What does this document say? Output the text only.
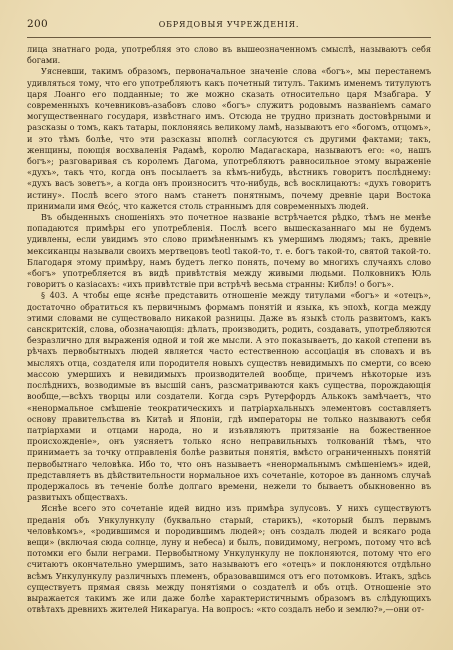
200	ОБРЯДОВЫЯ УЧРЕЖДЕНІЯ.

лица знатнаго рода, употребляя это слово въ вышеозначенномъ смыслѣ, называютъ себя богами.

Уясневши, такимъ образомъ, первоначальное значеніе слова «богъ», мы перестанемъ удивляться тому, что его употребляютъ какъ почетный титулъ. Такимъ именемъ титулуютъ царя Лоанго его подданные; то же можно сказать относительно царя Мзабгара. У современныхъ кочевниковъ-азабовъ слово «богъ» служитъ родовымъ названіемъ самаго могущественнаго государя, извѣстнаго имъ. Отсюда не трудно признать достовѣрными и разсказы о томъ, какъ татары, поклоняясь великому ламѣ, называютъ его «богомъ, отцомъ», и это тѣмъ болѣе, что эти разсказы вполнѣ согласуются съ другими фактами; такъ, женщины, поющія восхваленія Радамѣ, королю Мадагаскара, называютъ его: «о, нашъ богъ»; разговаривая съ королемъ Дагома, употребляютъ равносильное этому выраженіе «духъ», такъ что, когда онъ посылаетъ за кѣмъ-нибудь, вѣстникъ говоритъ послѣднему: «духъ васъ зоветъ», а когда онъ произноситъ что-нибудь, всѣ восклицаютъ: «духъ говоритъ истину». Послѣ всего этого намъ станетъ понятнымъ, почему древніе цари Востока принимали имя Θεός, что кажется столь страннымъ для современныхъ людей.

Въ обыденныхъ сношеніяхъ это почетное названіе встрѣчается рѣдко, тѣмъ не менѣе попадаются примѣры его употребленія. Послѣ всего вышесказаннаго мы не будемъ удивлены, если увидимъ это слово примѣненнымъ къ умершимъ людямъ; такъ, древніе мексиканцы называли своихъ мертвецовъ teotl такой-то, т. е. богъ такой-то, святой такой-то. Благодаря этому примѣру, намъ будетъ легко понять, почему во многихъ случаяхъ слово «богъ» употребляется въ видѣ привѣтствія между живыми людьми. Полковникъ Юль говоритъ о казіасахъ: «ихъ привѣтствіе при встрѣчѣ весьма странны: Киблэ! о богъ».

§ 403. А чтобы еще яснѣе представить отношеніе между титулами «богъ» и «отецъ», достаточно обратиться къ первичнымъ формамъ понятій и языка, къ эпохѣ, когда между этими словами не существовало никакой разницы. Даже въ языкѣ столь развитомъ, какъ санскритскій, слова, обозначающія: дѣлать, производить, родить, создавать, употребляются безразлично для выраженія одной и той же мысли. А это показываетъ, до какой степени въ рѣчахъ первобытныхъ людей является часто естественною ассоціація въ словахъ и въ мысляхъ отца, создателя или породителя новыхъ существъ невидимыхъ по смерти, со всею массою умершихъ и невидимыхъ производителей вообще, причемъ нѣкоторые изъ послѣднихъ, возводимые въ высшій санъ, разсматриваются какъ существа, порождающія вообще,—всѣхъ творцы или создатели. Когда сэръ Рутерфордъ Алькокъ замѣчаетъ, что «ненормальное смѣшеніе теократическихъ и патріархальныхъ элементовъ составляетъ основу правительства въ Китаѣ и Японіи, гдѣ императоры не только называютъ себя патріархами и отцами народа, но и изъявляютъ притязаніе на божественное происхожденіе», онъ уясняетъ только ясно неправильныхъ толкованій тѣмъ, что принимаетъ за точку отправленія болѣе развитыя понятія, вмѣсто ограниченныхъ понятій первобытнаго человѣка. Ибо то, что онъ называетъ «ненормальнымъ смѣшеніемъ» идей, представляетъ въ дѣйствительности нормальное ихъ сочетаніе, которое въ данномъ случаѣ продержалось въ теченіе болѣе долгаго времени, нежели то бываетъ обыкновенно въ развитыхъ обществахъ.

Яснѣе всего это сочетаніе идей видно изъ примѣра зулусовъ. У нихъ существуютъ преданія объ Ункулункулу (буквально старый, старикъ), «который былъ первымъ человѣкомъ», «родившимся и породившимъ людей»; онъ создалъ людей и всякаго рода вещи» (включая сюда солнце, луну и небеса) и былъ, повидимому, негромъ, потому что всѣ потомки его были неграми. Первобытному Ункулункулу не поклоняются, потому что его считаютъ окончательно умершимъ, зато называютъ его «отецъ» и поклоняются отдѣльно всѣмъ Ункулункулу различныхъ племенъ, образовавшимся отъ его потомковъ. Итакъ, здѣсь существуетъ прямая связь между понятіями о создателѣ и объ отцѣ. Отношеніе это выражается такимъ же или даже болѣе характеристичнымъ образомъ въ слѣдующихъ отвѣтахъ древнихъ жителей Никарагуа. На вопросъ: «кто создалъ небо и землю?»,—они от-
